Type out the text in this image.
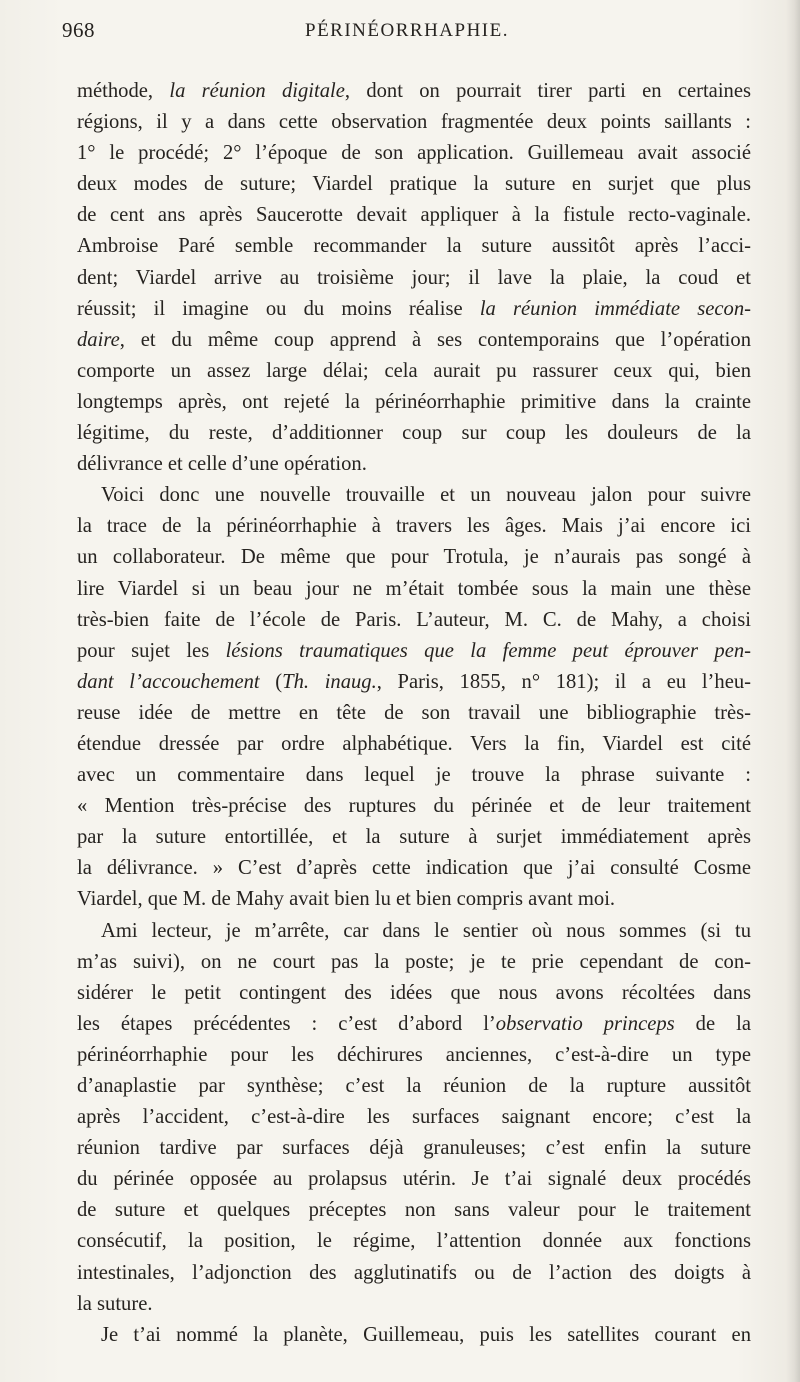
968	PÉRINÉORRHAPHIE.
méthode, la réunion digitale, dont on pourrait tirer parti en certaines
régions, il y a dans cette observation fragmentée deux points saillants :
1° le procédé; 2° l’époque de son application. Guillemeau avait associé
deux modes de suture; Viardel pratique la suture en surjet que plus
de cent ans après Saucerotte devait appliquer à la fistule recto-vaginale.
Ambroise Paré semble recommander la suture aussitôt après l’acci-
dent; Viardel arrive au troisième jour; il lave la plaie, la coud et
réussit; il imagine ou du moins réalise la réunion immédiate secon-
daire, et du même coup apprend à ses contemporains que l’opération
comporte un assez large délai; cela aurait pu rassurer ceux qui, bien
longtemps après, ont rejeté la périnéorrhaphie primitive dans la crainte
légitime, du reste, d’additionner coup sur coup les douleurs de la
délivrance et celle d’une opération.
Voici donc une nouvelle trouvaille et un nouveau jalon pour suivre
la trace de la périnéorrhaphie à travers les âges. Mais j’ai encore ici
un collaborateur. De même que pour Trotula, je n’aurais pas songé à
lire Viardel si un beau jour ne m’était tombée sous la main une thèse
très-bien faite de l’école de Paris. L’auteur, M. C. de Mahy, a choisi
pour sujet les lésions traumatiques que la femme peut éprouver pen-
dant l’accouchement (Th. inaug., Paris, 1855, n° 181); il a eu l’heu-
reuse idée de mettre en tête de son travail une bibliographie très-
étendue dressée par ordre alphabétique. Vers la fin, Viardel est cité
avec un commentaire dans lequel je trouve la phrase suivante :
« Mention très-précise des ruptures du périnée et de leur traitement
par la suture entortillée, et la suture à surjet immédiatement après
la délivrance. » C’est d’après cette indication que j’ai consulté Cosme
Viardel, que M. de Mahy avait bien lu et bien compris avant moi.
Ami lecteur, je m’arrête, car dans le sentier où nous sommes (si tu
m’as suivi), on ne court pas la poste; je te prie cependant de con-
sidérer le petit contingent des idées que nous avons récoltées dans
les étapes précédentes : c’est d’abord l’observatio princeps de la
périnéorrhaphie pour les déchirures anciennes, c’est-à-dire un type
d’anaplastie par synthèse; c’est la réunion de la rupture aussitôt
après l’accident, c’est-à-dire les surfaces saignant encore; c’est la
réunion tardive par surfaces déjà granuleuses; c’est enfin la suture
du périnée opposée au prolapsus utérin. Je t’ai signalé deux procédés
de suture et quelques préceptes non sans valeur pour le traitement
consécutif, la position, le régime, l’attention donnée aux fonctions
intestinales, l’adjonction des agglutinatifs ou de l’action des doigts à
la suture.
Je t’ai nommé la planète, Guillemeau, puis les satellites courant en
